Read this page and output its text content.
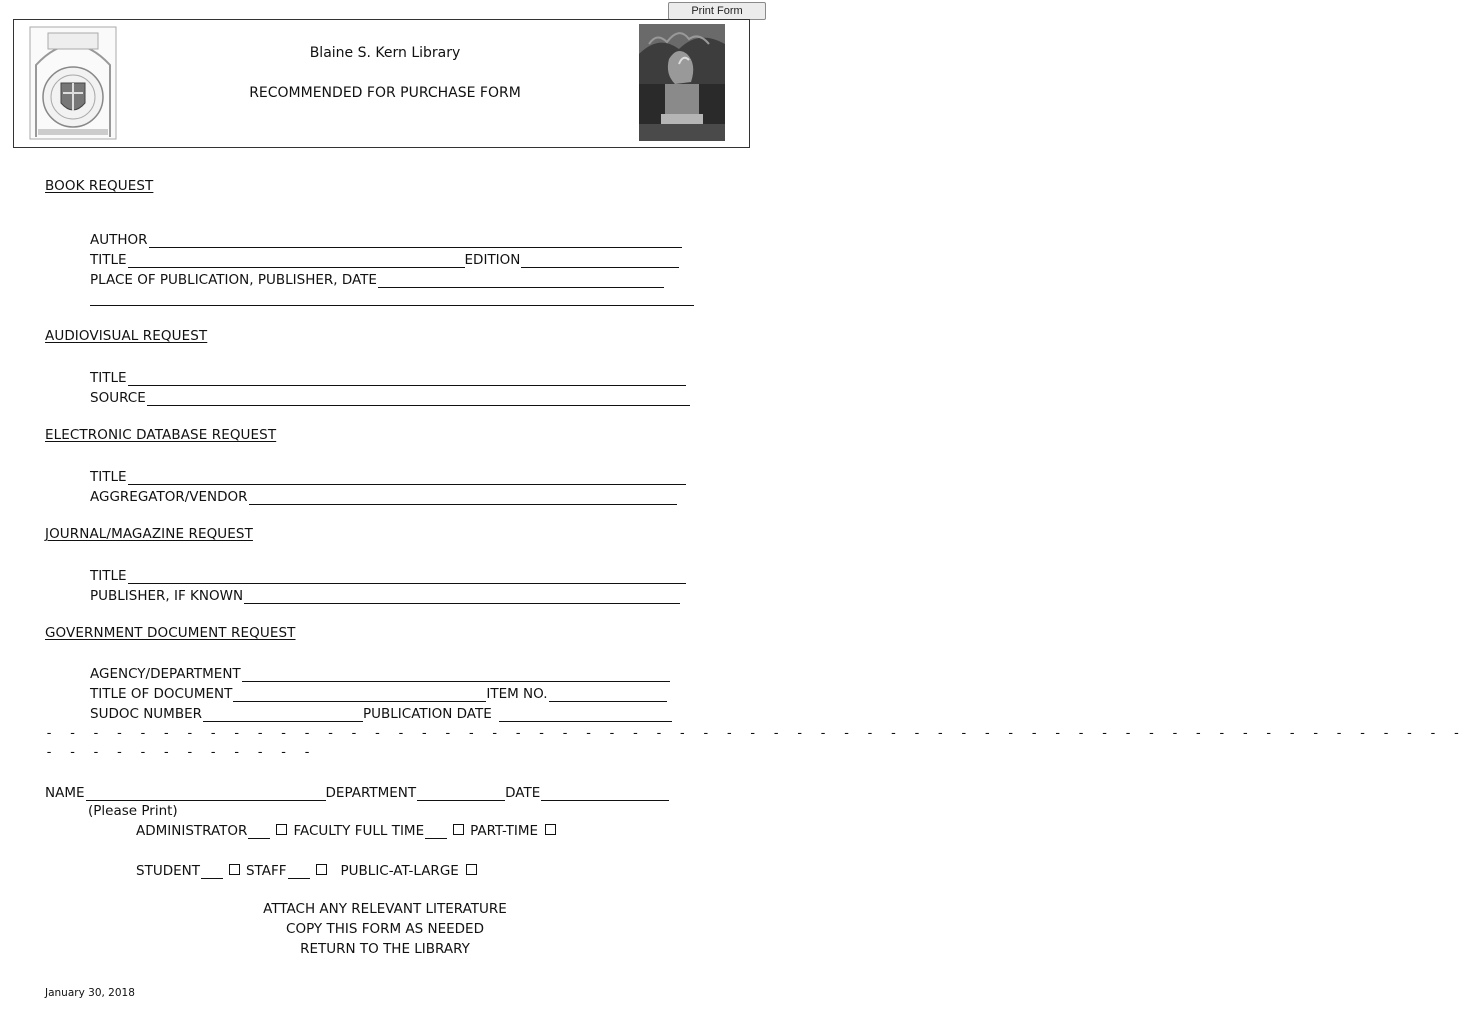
Print Form
Blaine S. Kern Library
RECOMMENDED FOR PURCHASE FORM
BOOK REQUEST
AUTHOR
TITLE	EDITION
PLACE OF PUBLICATION, PUBLISHER, DATE
AUDIOVISUAL REQUEST
TITLE
SOURCE
ELECTRONIC DATABASE REQUEST
TITLE
AGGREGATOR/VENDOR
JOURNAL/MAGAZINE REQUEST
TITLE
PUBLISHER, IF KNOWN
GOVERNMENT DOCUMENT REQUEST
AGENCY/DEPARTMENT
TITLE OF DOCUMENT	ITEM NO.
SUDOC NUMBER	PUBLICATION DATE
- - - - - - - - - - - - - - - - - - - - - - - - - - - - - - - - - - - - - - - - - - - - - - - - - - - - - - - - - - - - -
- - - - - - - - - - - -
NAME	DEPARTMENT	DATE
(Please Print)
ADMINISTRATOR	FACULTY FULL TIME	PART-TIME
STUDENT	STAFF	PUBLIC-AT-LARGE
ATTACH ANY RELEVANT LITERATURE
COPY THIS FORM AS NEEDED
RETURN TO THE LIBRARY
January 30, 2018
